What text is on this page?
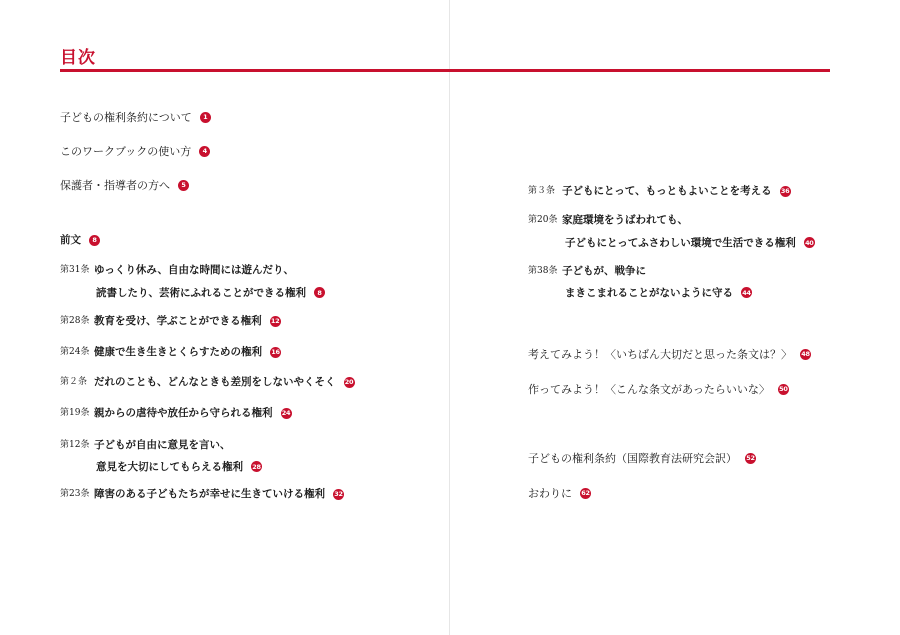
目次
子どもの権利条約について	1
このワークブックの使い方	4
保護者・指導者の方へ	5
前文	8
第31条 ゆっくり休み、自由な時間には遊んだり、
読書したり、芸術にふれることができる権利	8
第28条 教育を受け、学ぶことができる権利 12
第24条 健康で生き生きとくらすための権利 16
第２条 だれのことも、どんなときも差別をしないやくそく 20
第19条 親からの虐待や放任から守られる権利 24
第12条 子どもが自由に意見を言い、
意見を大切にしてもらえる権利 28
第23条 障害のある子どもたちが幸せに生きていける権利 32
第３条 子どもにとって、もっともよいことを考える 36
第20条 家庭環境をうばわれても、
子どもにとってふさわしい環境で生活できる権利 40
第38条 子どもが、戦争に
まきこまれることがないように守る 44
考えてみよう！〈いちばん大切だと思った条文は？〉 48
作ってみよう！〈こんな条文があったらいいな〉 50
子どもの権利条約（国際教育法研究会訳） 52
おわりに 62
